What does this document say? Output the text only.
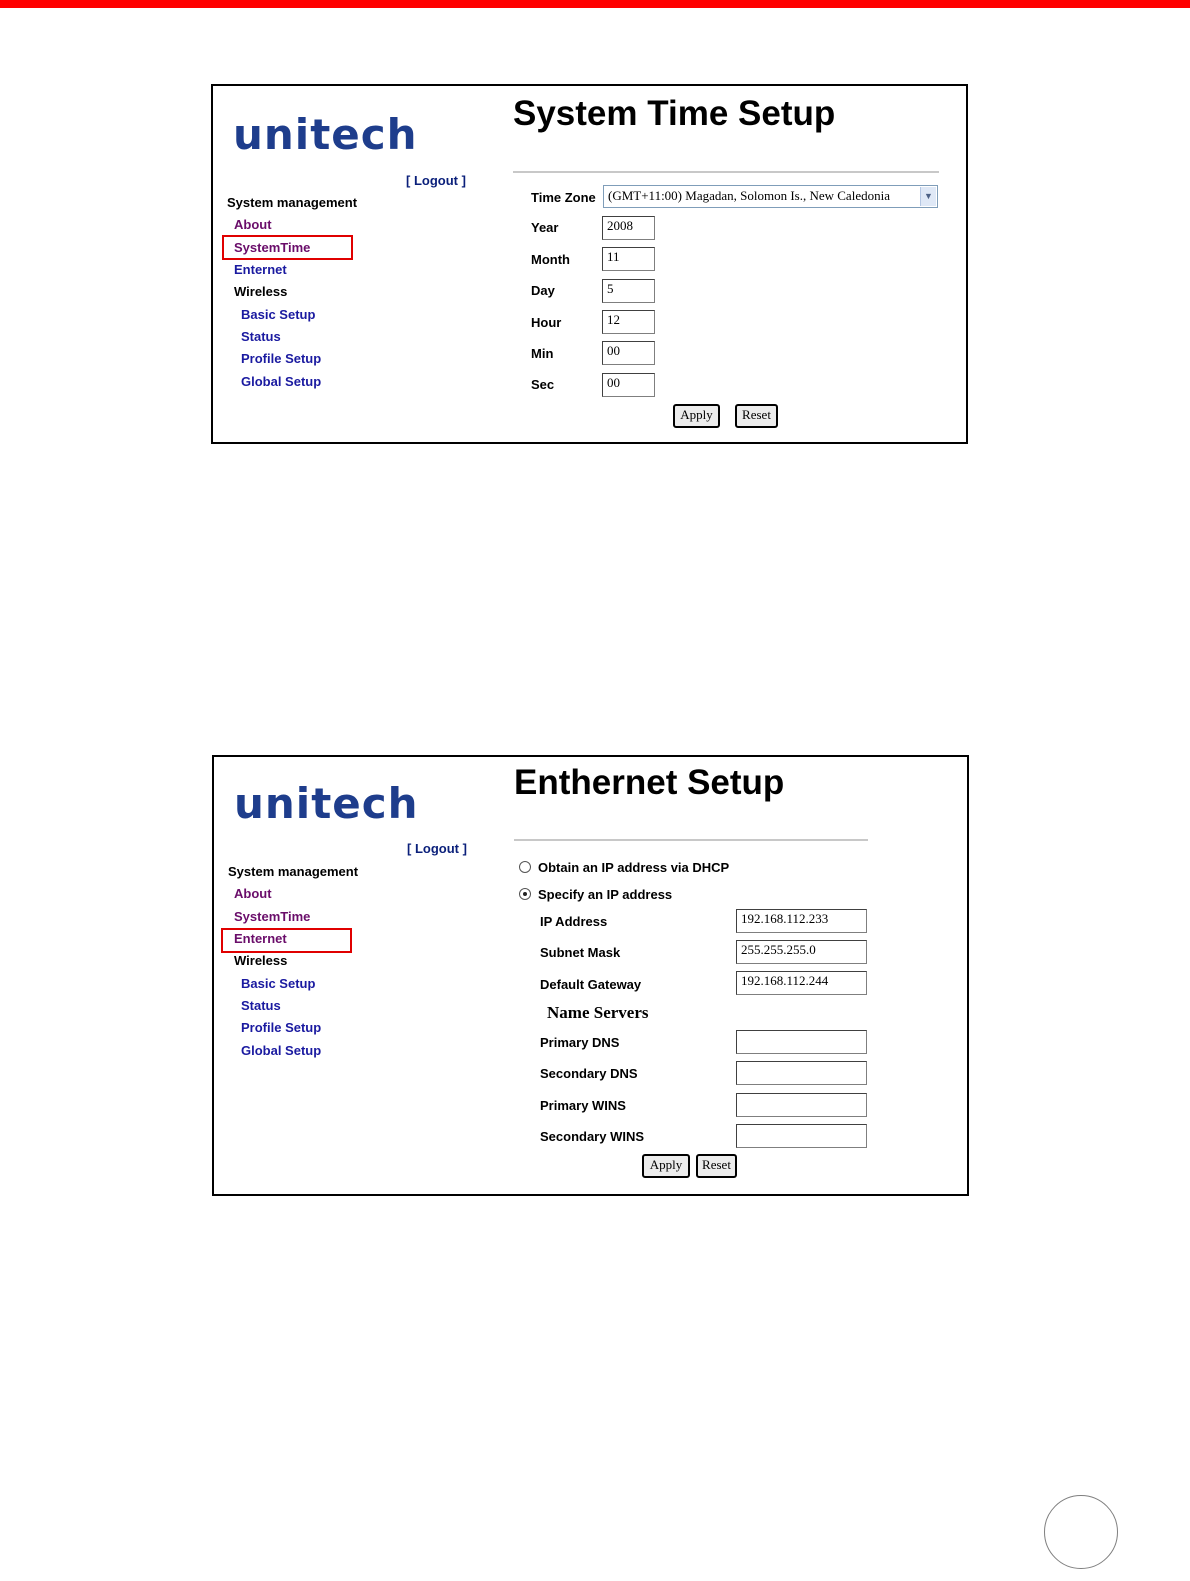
unitech
[ Logout ]
System management
About
SystemTime
Enternet
Wireless
Basic Setup
Status
Profile Setup
Global Setup
System Time Setup
Time Zone (GMT+11:00) Magadan, Solomon Is., New Caledonia	▼
Year	2008
Month	11
Day	5
Hour	12
Min	00
Sec	00
Apply	Reset
unitech
[ Logout ]
System management
About
SystemTime
Enternet
Wireless
Basic Setup
Status
Profile Setup
Global Setup
Enthernet Setup
Obtain an IP address via DHCP
Specify an IP address
IP Address	192.168.112.233
Subnet Mask	255.255.255.0
Default Gateway	192.168.112.244
Name Servers
Primary DNS
Secondary DNS
Primary WINS
Secondary WINS
Apply	Reset
